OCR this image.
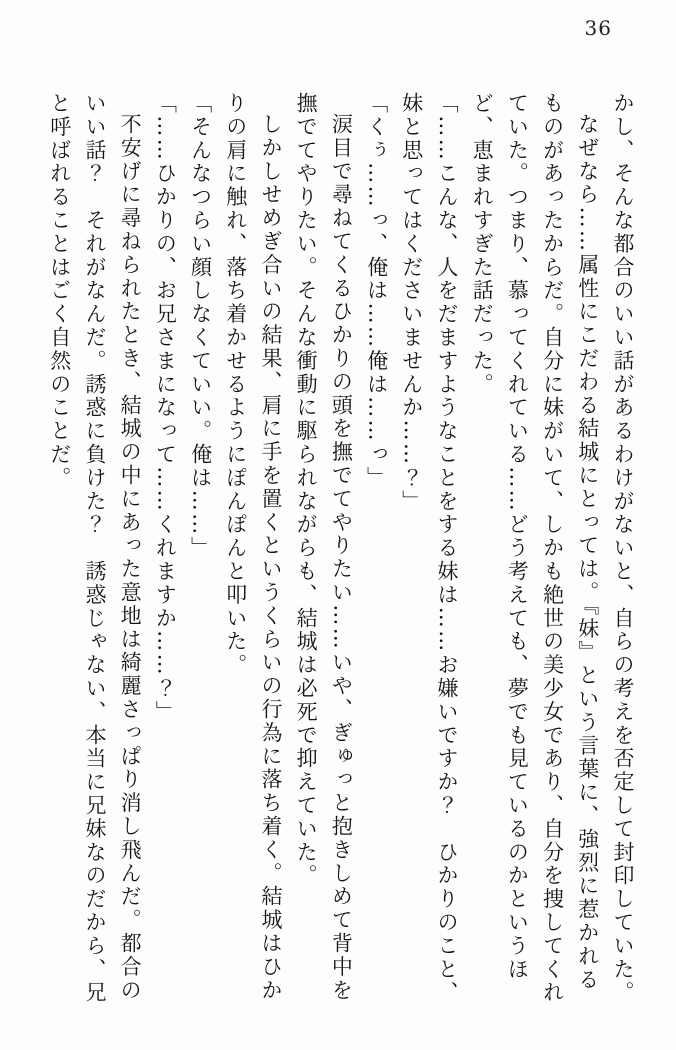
36

かし、そんな都合のいい話があるわけがないと、自らの考えを否定して封印していた。

なぜなら……属性にこだわる結城にとっては。『妹』という言葉に、強烈に惹かれるものがあったからだ。自分に妹がいて、しかも絶世の美少女であり、自分を捜してくれていた。つまり、慕ってくれている……どう考えても、夢でも見ているのかというほど、恵まれすぎた話だった。

「……こんな、人をだますようなことをする妹は……お嫌いですか？　ひかりのこと、妹と思ってはくださいませんか……？」

「くぅ……っ、俺は……俺は……っ」

涙目で尋ねてくるひかりの頭を撫でてやりたい……いや、ぎゅっと抱きしめて背中を撫でてやりたい。そんな衝動に駆られながらも、結城は必死で抑えていた。

しかしせめぎ合いの結果、肩に手を置くというくらいの行為に落ち着く。結城はひかりの肩に触れ、落ち着かせるようにぽんぽんと叩いた。

「そんなつらい顔しなくていい。俺は……」

「……ひかりの、お兄さまになって……くれますか……？」

不安げに尋ねられたとき、結城の中にあった意地は綺麗さっぱり消し飛んだ。都合のいい話？　それがなんだ。誘惑に負けた？　誘惑じゃない、本当に兄妹なのだから、兄と呼ばれることはごく自然のことだ。
